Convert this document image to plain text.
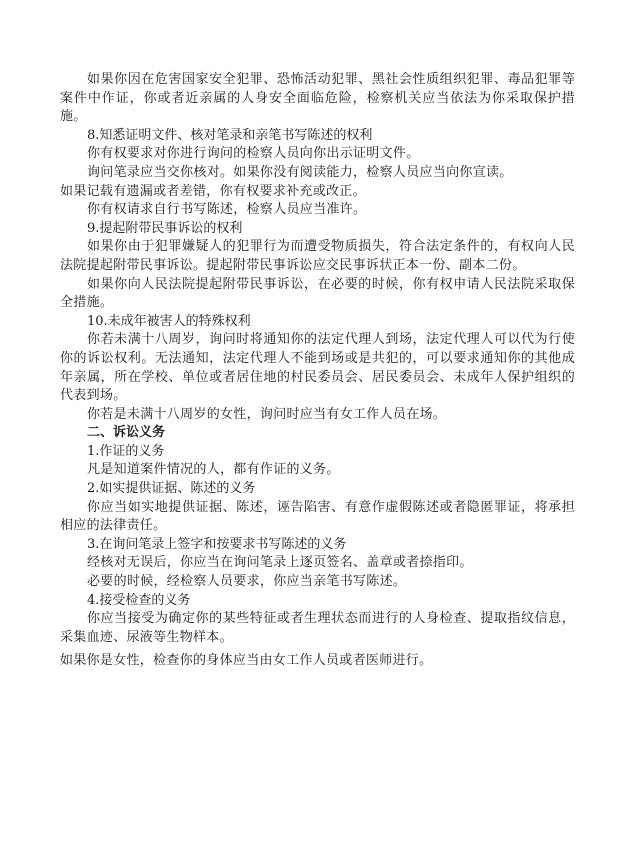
如果你因在危害国家安全犯罪、恐怖活动犯罪、黑社会性质组织犯罪、毒品犯罪等案件中作证，你或者近亲属的人身安全面临危险，检察机关应当依法为你采取保护措施。

8.知悉证明文件、核对笔录和亲笔书写陈述的权利

你有权要求对你进行询问的检察人员向你出示证明文件。

询问笔录应当交你核对。如果你没有阅读能力，检察人员应当向你宣读。

如果记载有遗漏或者差错，你有权要求补充或改正。

你有权请求自行书写陈述，检察人员应当准许。

9.提起附带民事诉讼的权利

如果你由于犯罪嫌疑人的犯罪行为而遭受物质损失，符合法定条件的，有权向人民法院提起附带民事诉讼。提起附带民事诉讼应交民事诉状正本一份、副本二份。

如果你向人民法院提起附带民事诉讼，在必要的时候，你有权申请人民法院采取保全措施。

10.未成年被害人的特殊权利

你若未满十八周岁，询问时将通知你的法定代理人到场，法定代理人可以代为行使你的诉讼权利。无法通知，法定代理人不能到场或是共犯的，可以要求通知你的其他成年亲属，所在学校、单位或者居住地的村民委员会、居民委员会、未成年人保护组织的代表到场。

你若是未满十八周岁的女性，询问时应当有女工作人员在场。

二、诉讼义务

1.作证的义务

凡是知道案件情况的人，都有作证的义务。

2.如实提供证据、陈述的义务

你应当如实地提供证据、陈述，诬告陷害、有意作虚假陈述或者隐匿罪证，将承担相应的法律责任。

3.在询问笔录上签字和按要求书写陈述的义务

经核对无误后，你应当在询问笔录上逐页签名、盖章或者捺指印。

必要的时候，经检察人员要求，你应当亲笔书写陈述。

4.接受检查的义务

你应当接受为确定你的某些特征或者生理状态而进行的人身检查、提取指纹信息，采集血迹、尿液等生物样本。

如果你是女性，检查你的身体应当由女工作人员或者医师进行。
